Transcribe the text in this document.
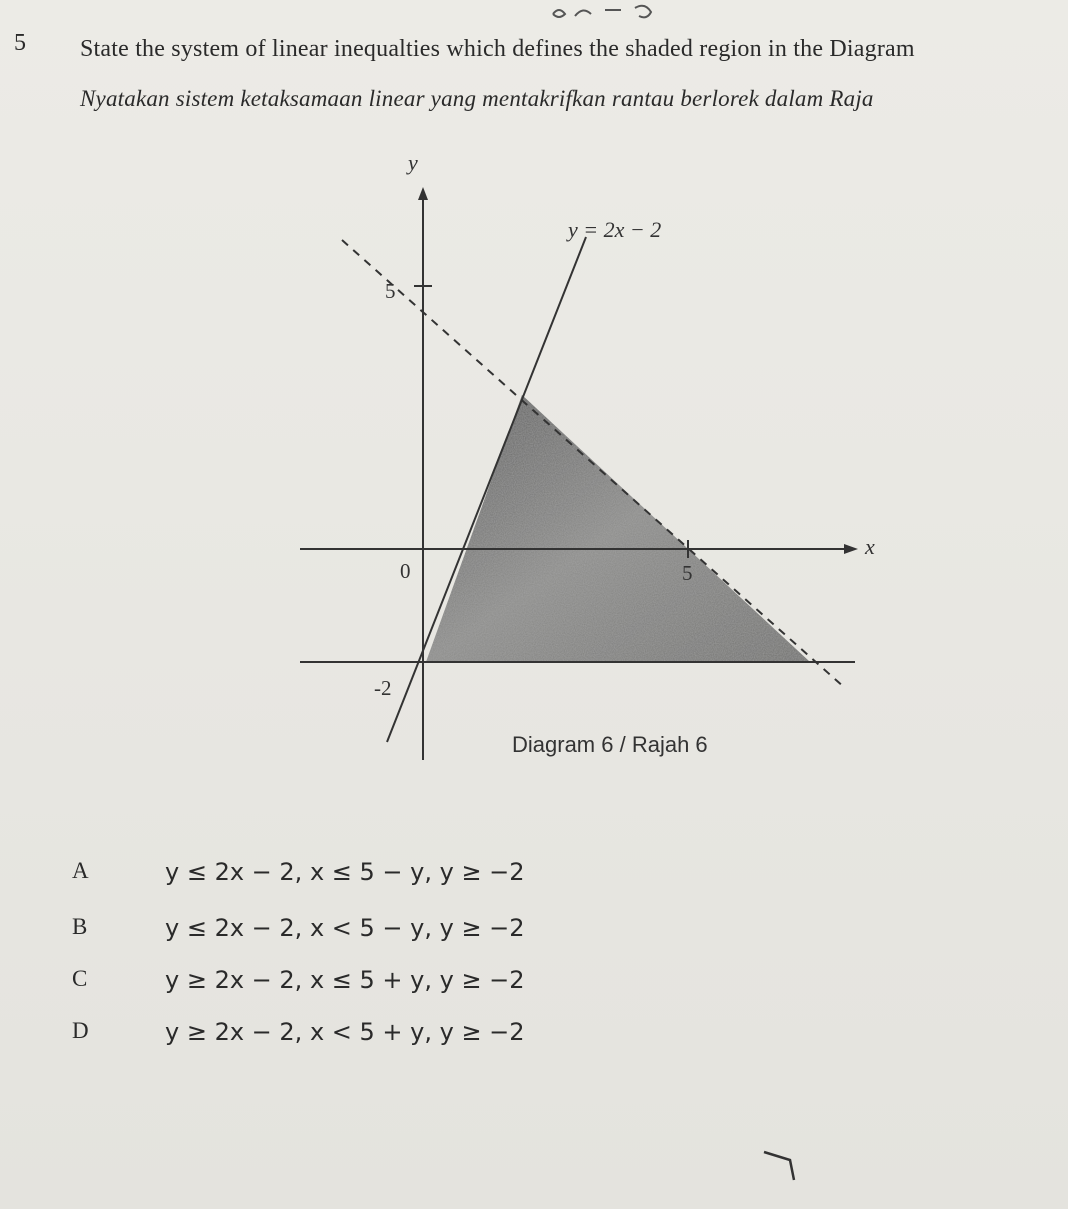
5 State the system of linear inequalties which defines the shaded region in the Diagram
Nyatakan sistem ketaksamaan linear yang mentakrifkan rantau berlorek dalam Raja
y
x
5
0	5
-2
y = 2x − 2
Diagram 6 / Rajah 6
A	y ≤ 2x − 2, x ≤ 5 − y, y ≥ −2
B	y ≤ 2x − 2, x < 5 − y, y ≥ −2
C	y ≥ 2x − 2, x ≤ 5 + y, y ≥ −2
D	y ≥ 2x − 2, x < 5 + y, y ≥ −2
